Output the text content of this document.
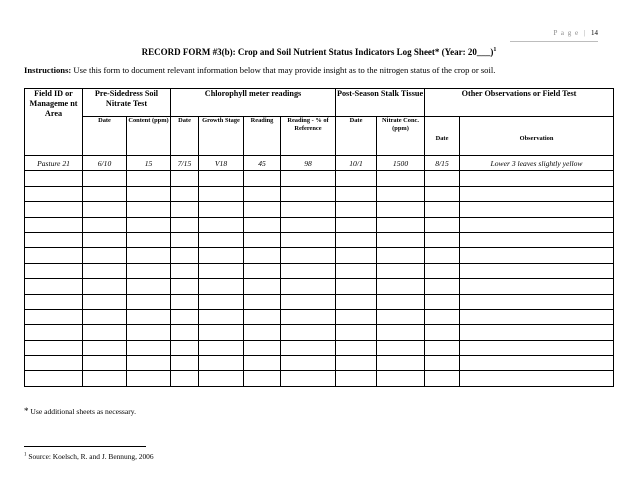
P a g e | 14
RECORD FORM #3(b): Crop and Soil Nutrient Status Indicators Log Sheet* (Year: 20___)$^1$
Instructions: Use this form to document relevant information below that may provide insight as to the nitrogen status of the crop or soil.
Field ID or Manageme nt Area	Pre-Sidedress Soil Nitrate Test		Chlorophyll meter readings				Post-Season Stalk Tissue		Other Observations or Field Test	
	Date	Content (ppm)	Date	Growth Stage	Reading	Reading - % of Reference	Date	Nitrate Conc. (ppm)	Date	Observation
Pasture 21	6/10	15	7/15	V18	45	98	10/1	1500	8/15	Lower 3 leaves slightly yellow

* Use additional sheets as necessary.
$^1$ Source: Koelsch, R. and J. Bennung, 2006
